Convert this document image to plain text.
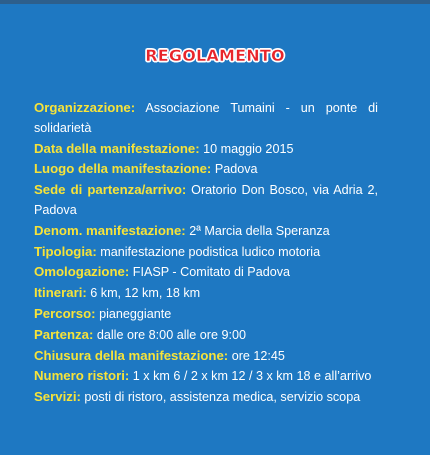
REGOLAMENTO

Organizzazione: Associazione Tumaini - un ponte di solidarietà

Data della manifestazione: 10 maggio 2015

Luogo della manifestazione: Padova

Sede di partenza/arrivo: Oratorio Don Bosco, via Adria 2, Padova

Denom. manifestazione: 2ª Marcia della Speranza

Tipologia: manifestazione podistica ludico motoria

Omologazione: FIASP - Comitato di Padova

Itinerari: 6 km, 12 km, 18 km

Percorso: pianeggiante

Partenza: dalle ore 8:00 alle ore 9:00

Chiusura della manifestazione: ore 12:45

Numero ristori: 1 x km 6 / 2 x km 12 / 3 x km 18 e all’arrivo

Servizi: posti di ristoro, assistenza medica, servizio scopa
